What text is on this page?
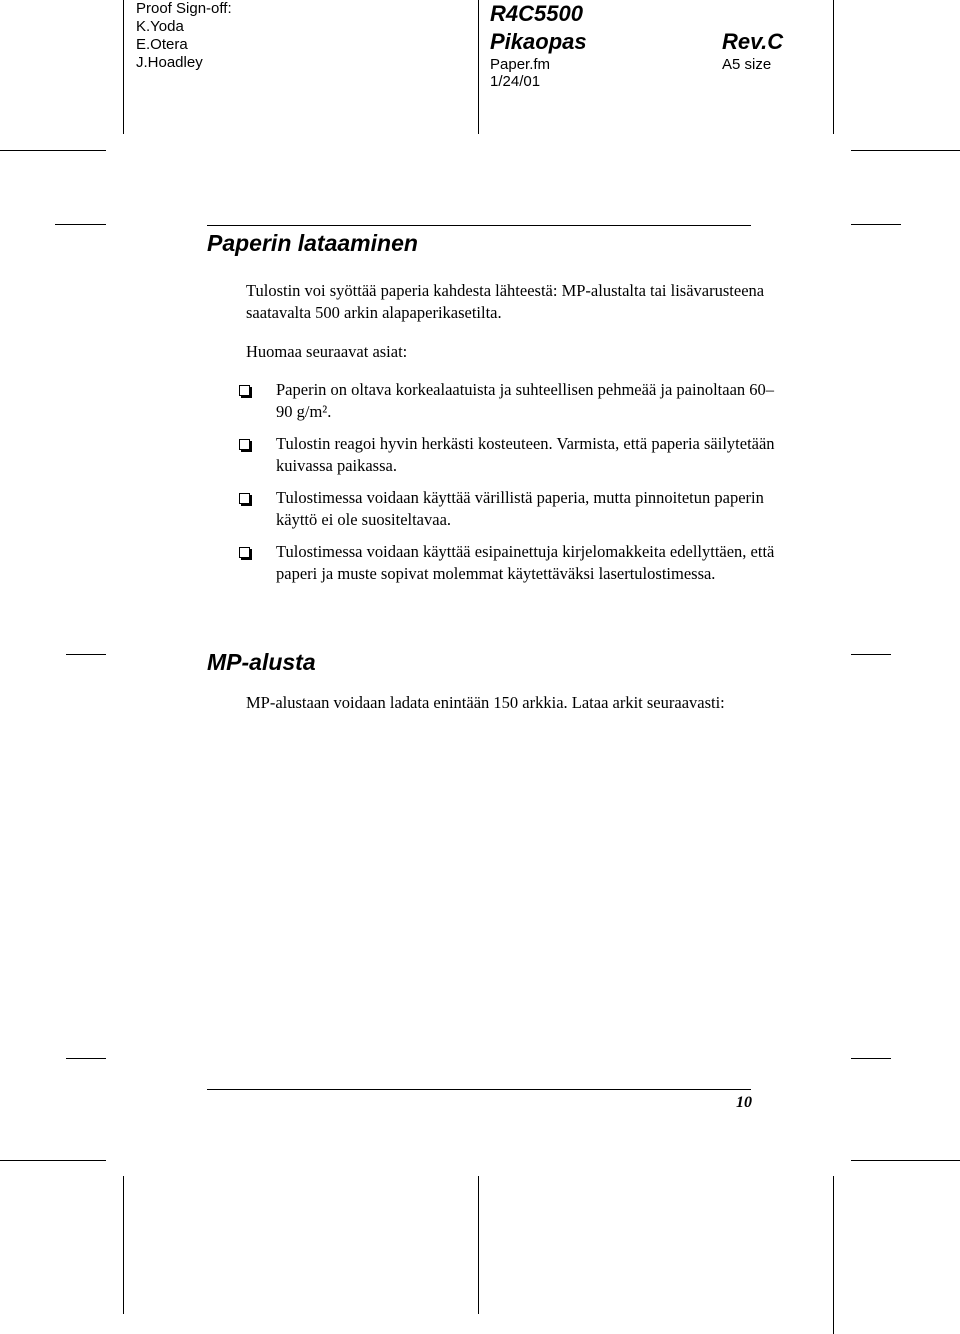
Proof Sign-off:
K.Yoda
E.Otera
J.Hoadley
R4C5500
Pikaopas
Paper.fm
1/24/01
Rev.C
A5 size
Paperin lataaminen
Tulostin voi syöttää paperia kahdesta lähteestä: MP-alustalta tai lisävarusteena saatavalta 500 arkin alapaperikasetilta.
Huomaa seuraavat asiat:
Paperin on oltava korkealaatuista ja suhteellisen pehmeää ja painoltaan 60–90 g/m².
Tulostin reagoi hyvin herkästi kosteuteen. Varmista, että paperia säilytetään kuivassa paikassa.
Tulostimessa voidaan käyttää värillistä paperia, mutta pinnoitetun paperin käyttö ei ole suositeltavaa.
Tulostimessa voidaan käyttää esipainettuja kirjelomakkeita edellyttäen, että paperi ja muste sopivat molemmat käytettäväksi lasertulostimessa.
MP-alusta
MP-alustaan voidaan ladata enintään 150 arkkia. Lataa arkit seuraavasti:
10
